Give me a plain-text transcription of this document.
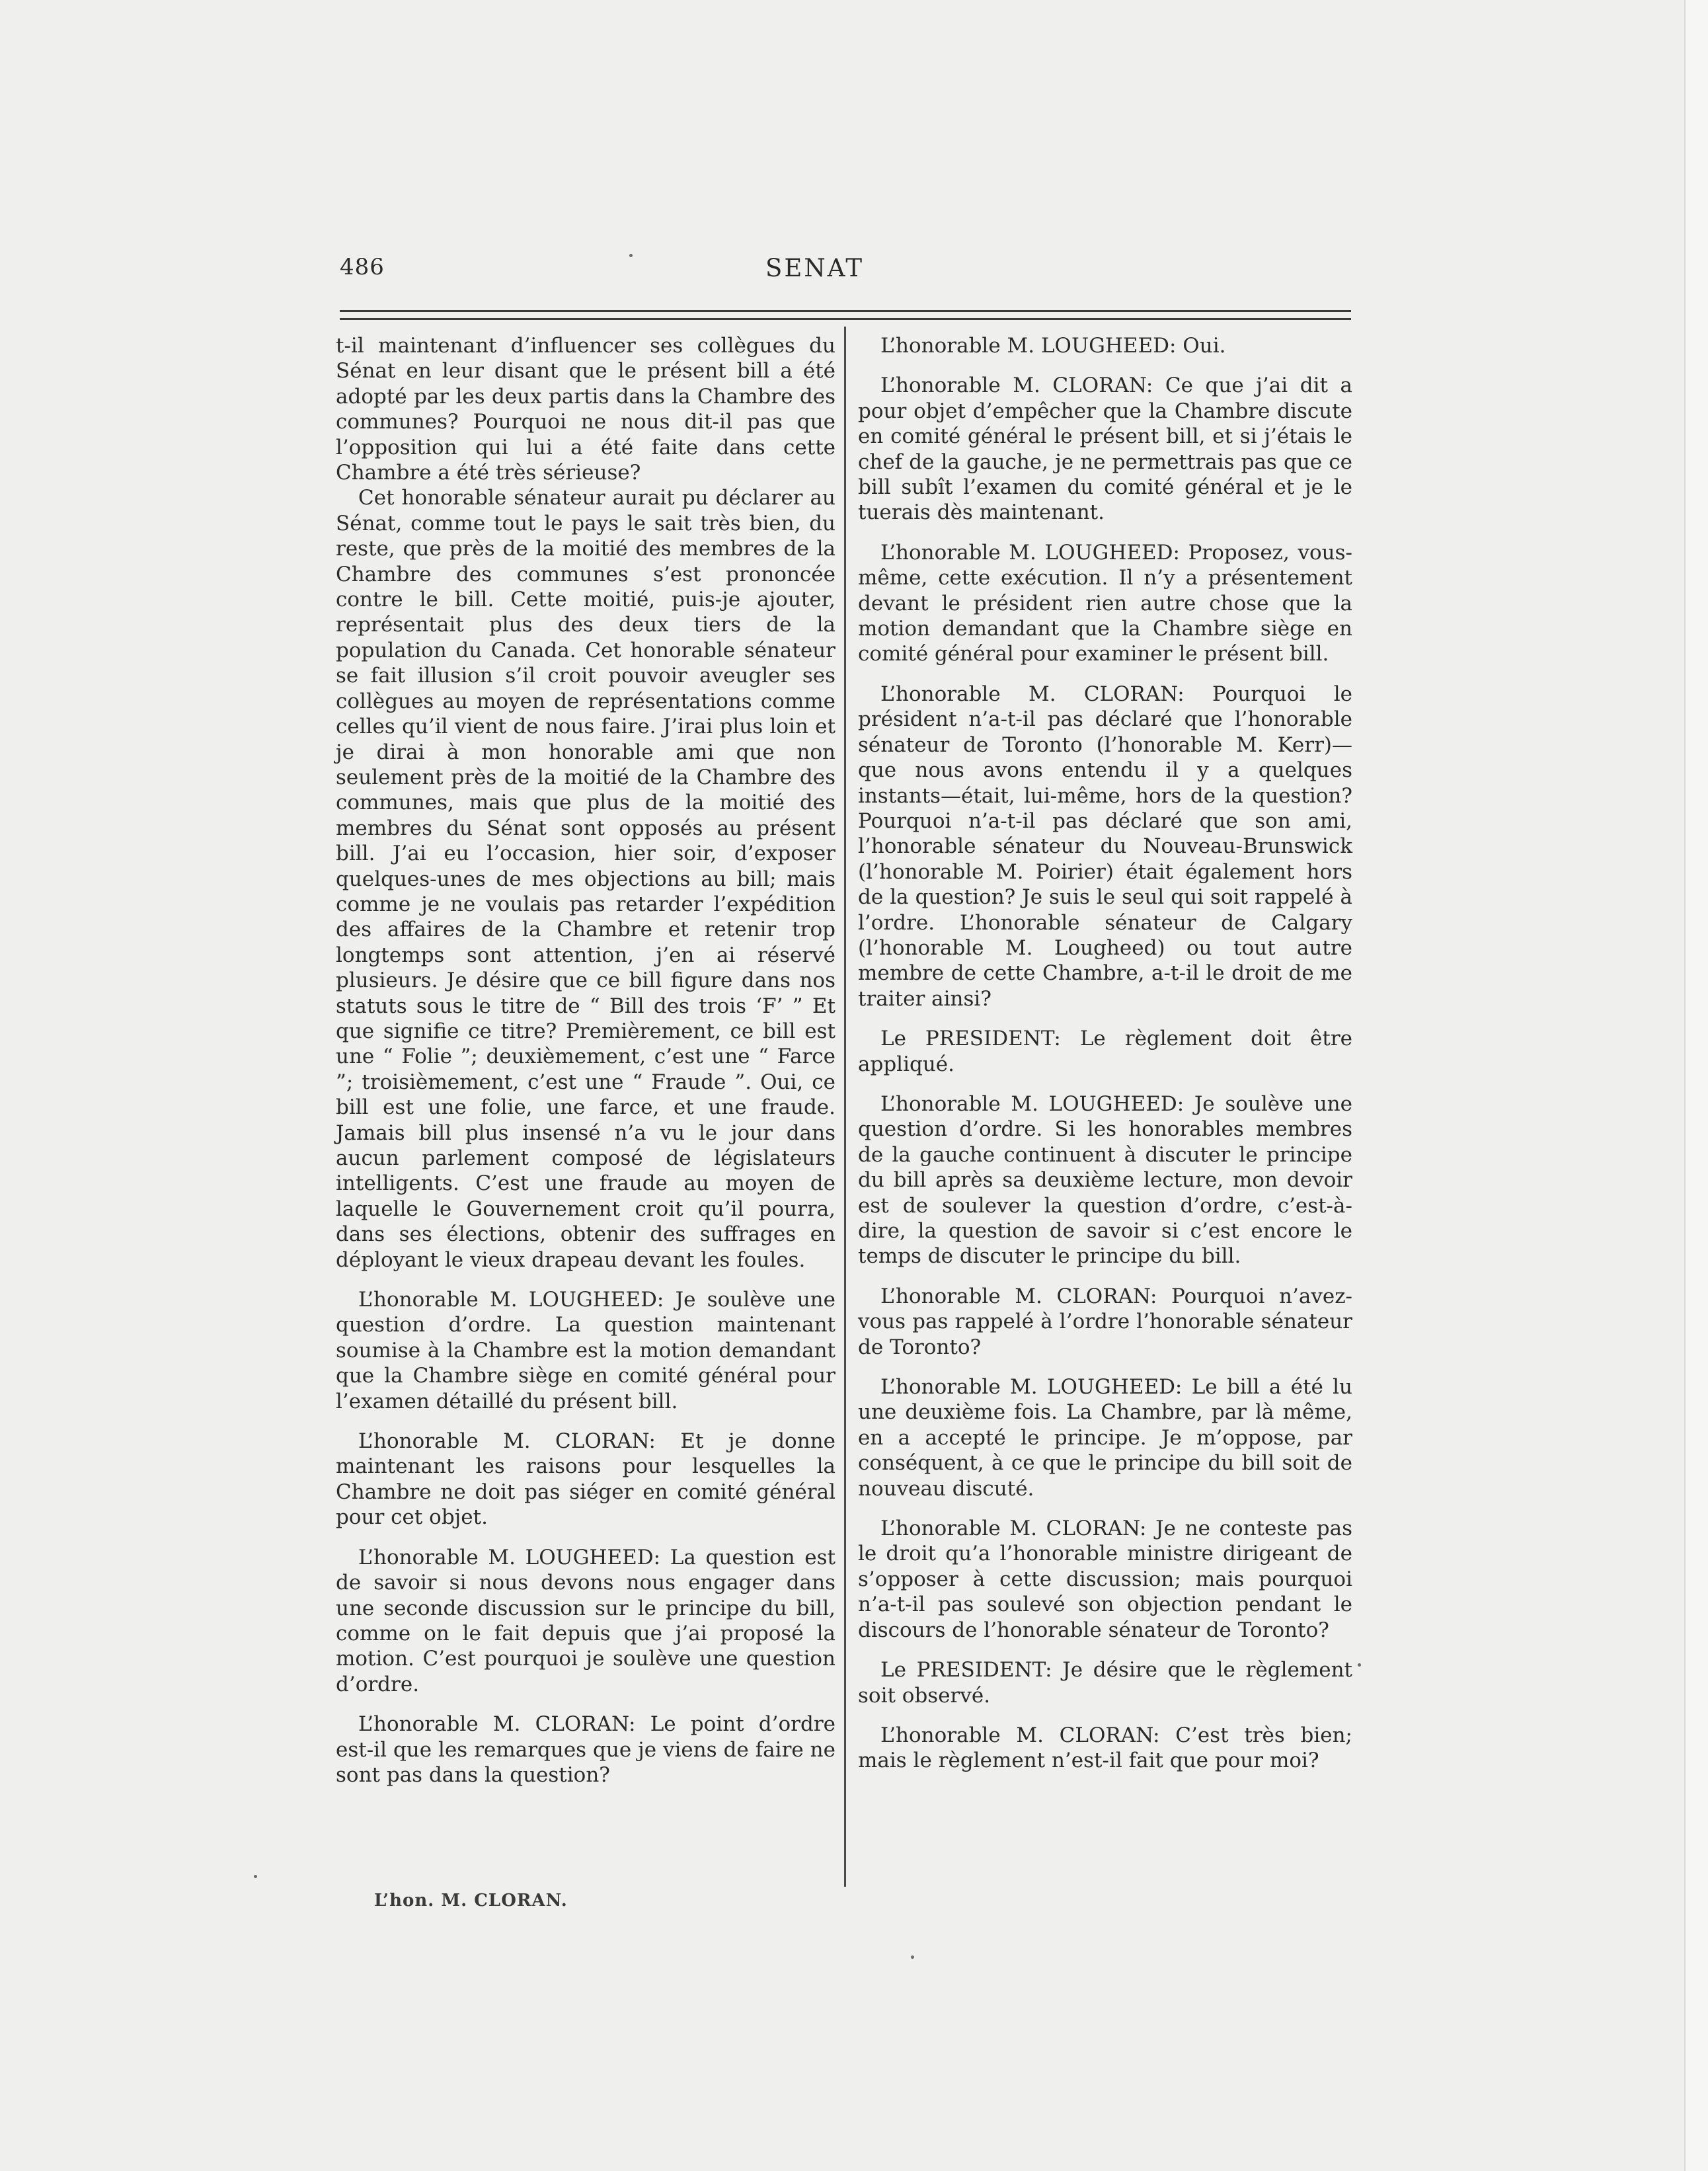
486	SENAT

t-il maintenant d’influencer ses collègues du Sénat en leur disant que le présent bill a été adopté par les deux partis dans la Chambre des communes? Pourquoi ne nous dit-il pas que l’opposition qui lui a été faite dans cette Chambre a été très sérieuse?

Cet honorable sénateur aurait pu déclarer au Sénat, comme tout le pays le sait très bien, du reste, que près de la moitié des membres de la Chambre des communes s’est prononcée contre le bill. Cette moitié, puis-je ajouter, représentait plus des deux tiers de la population du Canada. Cet honorable sénateur se fait illusion s’il croit pouvoir aveugler ses collègues au moyen de représentations comme celles qu’il vient de nous faire. J’irai plus loin et je dirai à mon honorable ami que non seulement près de la moitié de la Chambre des communes, mais que plus de la moitié des membres du Sénat sont opposés au présent bill. J’ai eu l’occasion, hier soir, d’exposer quelques-unes de mes objections au bill; mais comme je ne voulais pas retarder l’expédition des affaires de la Chambre et retenir trop longtemps sont attention, j’en ai réservé plusieurs. Je désire que ce bill figure dans nos statuts sous le titre de “ Bill des trois ‘F’ ” Et que signifie ce titre? Premièrement, ce bill est une “ Folie ”; deuxièmement, c’est une “ Farce ”; troisièmement, c’est une “ Fraude ”. Oui, ce bill est une folie, une farce, et une fraude. Jamais bill plus insensé n’a vu le jour dans aucun parlement composé de législateurs intelligents. C’est une fraude au moyen de laquelle le Gouvernement croit qu’il pourra, dans ses élections, obtenir des suffrages en déployant le vieux drapeau devant les foules.

L’honorable M. LOUGHEED: Je soulève une question d’ordre. La question maintenant soumise à la Chambre est la motion demandant que la Chambre siège en comité général pour l’examen détaillé du présent bill.

L’honorable M. CLORAN: Et je donne maintenant les raisons pour lesquelles la Chambre ne doit pas siéger en comité général pour cet objet.

L’honorable M. LOUGHEED: La question est de savoir si nous devons nous engager dans une seconde discussion sur le principe du bill, comme on le fait depuis que j’ai proposé la motion. C’est pourquoi je soulève une question d’ordre.

L’honorable M. CLORAN: Le point d’ordre est-il que les remarques que je viens de faire ne sont pas dans la question?

L’honorable M. LOUGHEED: Oui.

L’honorable M. CLORAN: Ce que j’ai dit a pour objet d’empêcher que la Chambre discute en comité général le présent bill, et si j’étais le chef de la gauche, je ne permettrais pas que ce bill subît l’examen du comité général et je le tuerais dès maintenant.

L’honorable M. LOUGHEED: Proposez, vous-même, cette exécution. Il n’y a présentement devant le président rien autre chose que la motion demandant que la Chambre siège en comité général pour examiner le présent bill.

L’honorable M. CLORAN: Pourquoi le président n’a-t-il pas déclaré que l’honorable sénateur de Toronto (l’honorable M. Kerr)—que nous avons entendu il y a quelques instants—était, lui-même, hors de la question? Pourquoi n’a-t-il pas déclaré que son ami, l’honorable sénateur du Nouveau-Brunswick (l’honorable M. Poirier) était également hors de la question? Je suis le seul qui soit rappelé à l’ordre. L’honorable sénateur de Calgary (l’honorable M. Lougheed) ou tout autre membre de cette Chambre, a-t-il le droit de me traiter ainsi?

Le PRESIDENT: Le règlement doit être appliqué.

L’honorable M. LOUGHEED: Je soulève une question d’ordre. Si les honorables membres de la gauche continuent à discuter le principe du bill après sa deuxième lecture, mon devoir est de soulever la question d’ordre, c’est-à-dire, la question de savoir si c’est encore le temps de discuter le principe du bill.

L’honorable M. CLORAN: Pourquoi n’avez-vous pas rappelé à l’ordre l’honorable sénateur de Toronto?

L’honorable M. LOUGHEED: Le bill a été lu une deuxième fois. La Chambre, par là même, en a accepté le principe. Je m’oppose, par conséquent, à ce que le principe du bill soit de nouveau discuté.

L’honorable M. CLORAN: Je ne conteste pas le droit qu’a l’honorable ministre dirigeant de s’opposer à cette discussion; mais pourquoi n’a-t-il pas soulevé son objection pendant le discours de l’honorable sénateur de Toronto?

Le PRESIDENT: Je désire que le règlement soit observé.

L’honorable M. CLORAN: C’est très bien; mais le règlement n’est-il fait que pour moi?

L’hon. M. CLORAN.
